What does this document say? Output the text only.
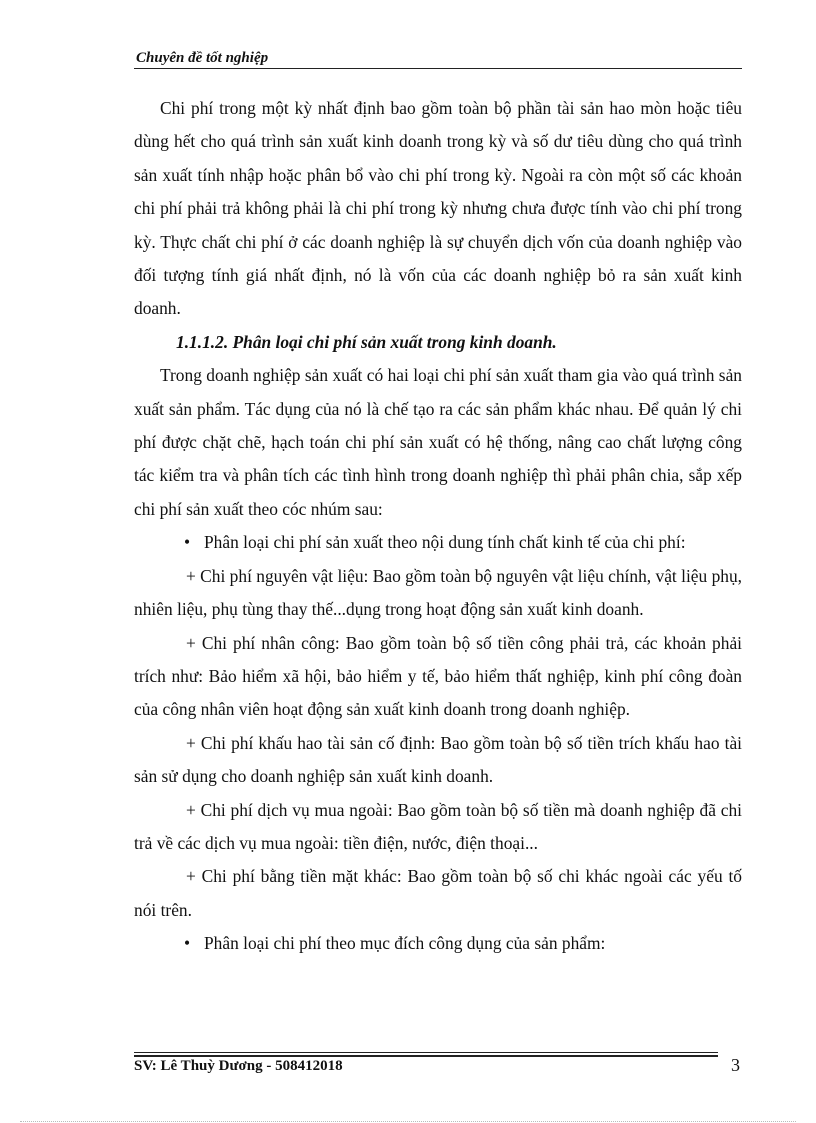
Chuyên đề tốt nghiệp

Chi phí trong một kỳ nhất định bao gồm toàn bộ phần tài sản hao mòn hoặc tiêu dùng hết cho quá trình sản xuất kinh doanh trong kỳ và số dư tiêu dùng cho quá trình sản xuất tính nhập hoặc phân bổ vào chi phí trong kỳ. Ngoài ra còn một số các khoản chi phí phải trả không phải là chi phí trong kỳ nhưng chưa được tính vào chi phí trong kỳ. Thực chất chi phí ở các doanh nghiệp là sự chuyển dịch vốn của doanh nghiệp vào đối tượng tính giá nhất định, nó là vốn của các doanh nghiệp bỏ ra sản xuất kinh doanh.

1.1.1.2. Phân loại chi phí sản xuất trong kinh doanh.

Trong doanh nghiệp sản xuất có hai loại chi phí sản xuất tham gia vào quá trình sản xuất sản phẩm. Tác dụng của nó là chế tạo ra các sản phẩm khác nhau. Để quản lý chi phí được chặt chẽ, hạch toán chi phí sản xuất có hệ thống, nâng cao chất lượng công tác kiểm tra và phân tích các tình hình trong doanh nghiệp thì phải phân chia, sắp xếp chi phí sản xuất theo cóc nhúm sau:

• Phân loại chi phí sản xuất theo nội dung tính chất kinh tế của chi phí:

+ Chi phí nguyên vật liệu: Bao gồm toàn bộ nguyên vật liệu chính, vật liệu phụ, nhiên liệu, phụ tùng thay thế...dụng trong hoạt động sản xuất kinh doanh.

+ Chi phí nhân công: Bao gồm toàn bộ số tiền công phải trả, các khoản phải trích như: Bảo hiểm xã hội, bảo hiểm y tế, bảo hiểm thất nghiệp, kinh phí công đoàn của công nhân viên hoạt động sản xuất kinh doanh trong doanh nghiệp.

+ Chi phí khấu hao tài sản cố định: Bao gồm toàn bộ số tiền trích khấu hao tài sản sử dụng cho doanh nghiệp sản xuất kinh doanh.

+ Chi phí dịch vụ mua ngoài: Bao gồm toàn bộ số tiền mà doanh nghiệp đã chi trả về các dịch vụ mua ngoài: tiền điện, nước, điện thoại...

+ Chi phí bằng tiền mặt khác: Bao gồm toàn bộ số chi khác ngoài các yếu tố nói trên.

• Phân loại chi phí theo mục đích công dụng của sản phẩm:

SV: Lê Thuỳ Dương - 508412018	3
